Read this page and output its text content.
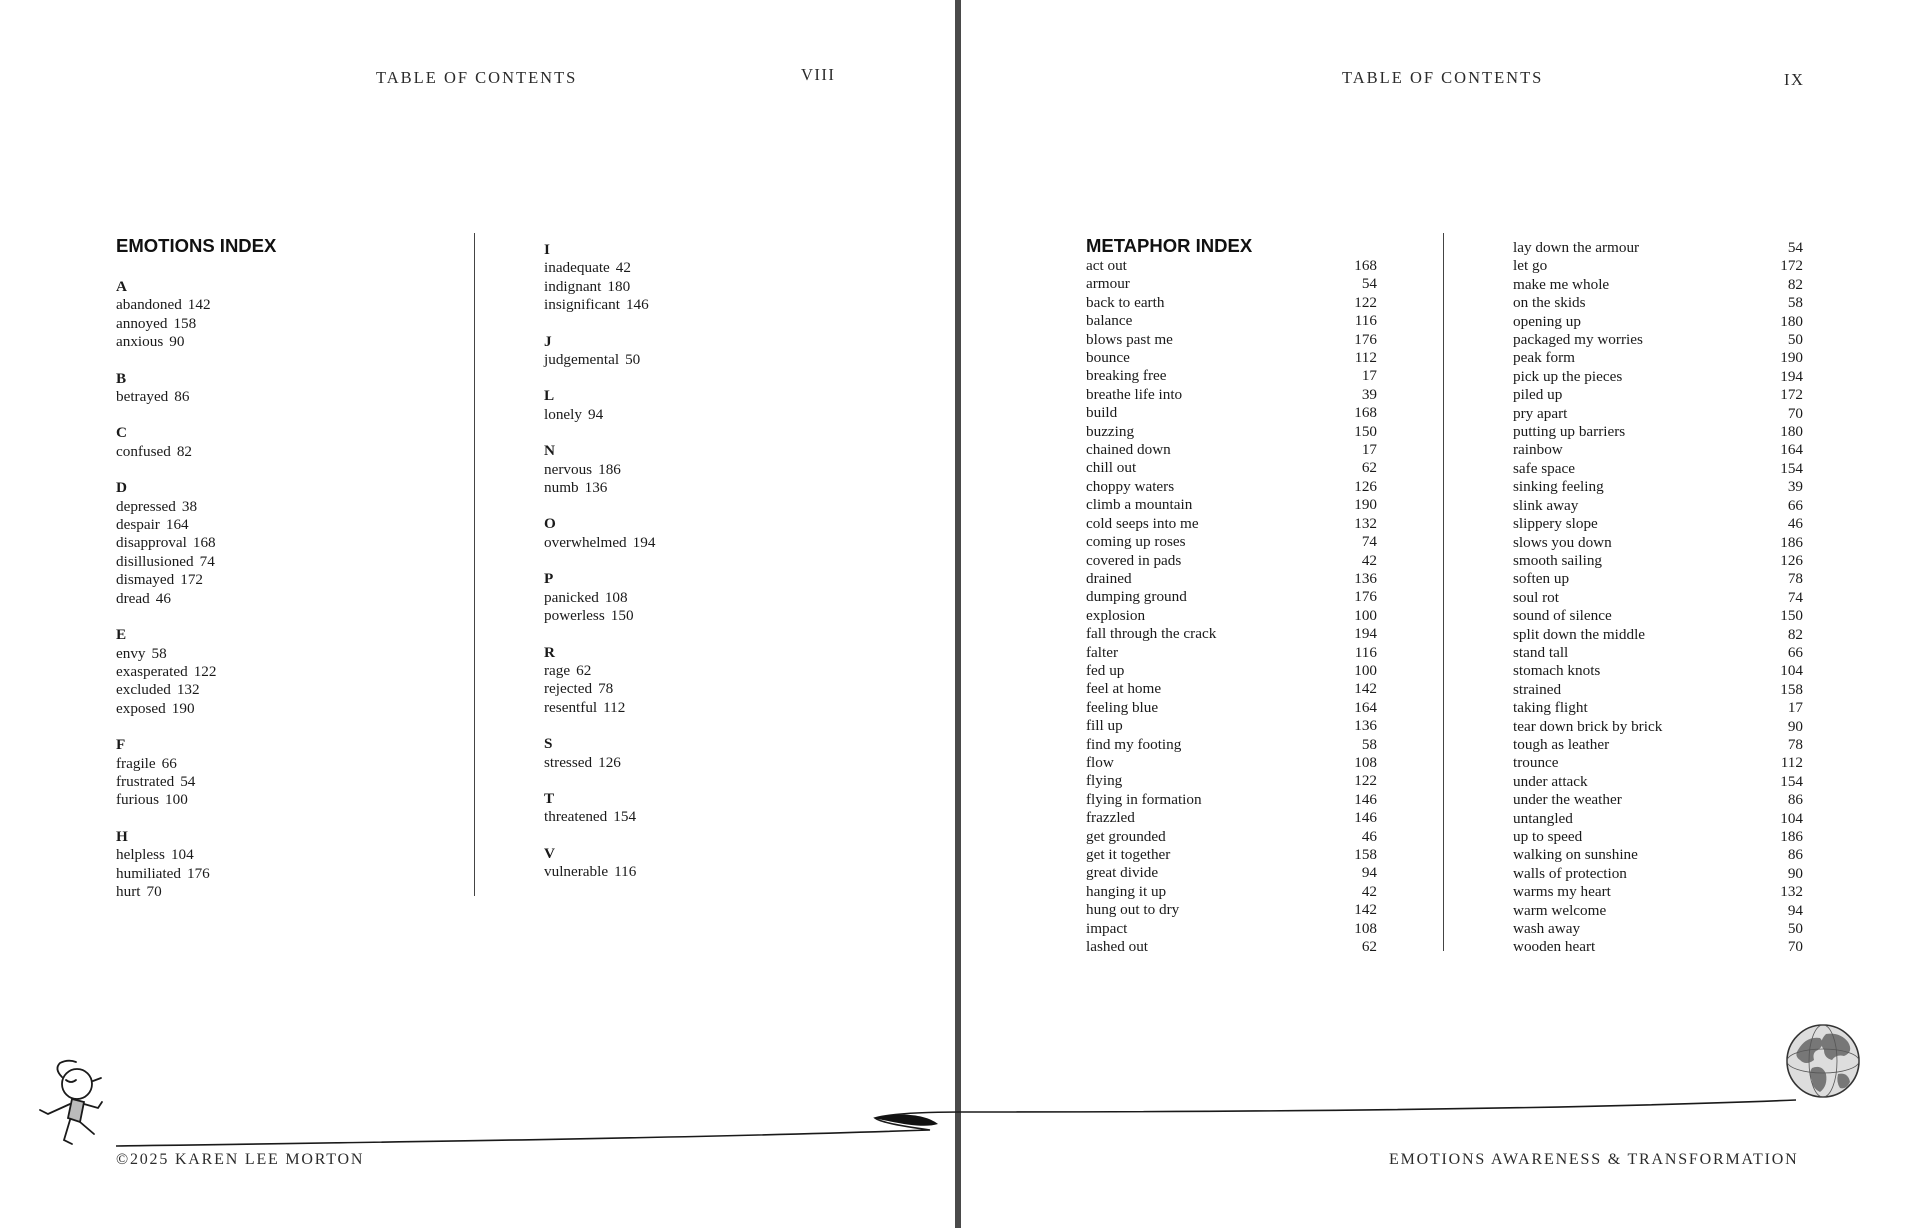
TABLE OF CONTENTS	VIII
EMOTIONS INDEX
A
abandoned 142
annoyed 158
anxious 90
B
betrayed 86
C
confused 82
D
depressed 38
despair 164
disapproval 168
disillusioned 74
dismayed 172
dread 46
E
envy 58
exasperated 122
excluded 132
exposed 190
F
fragile 66
frustrated 54
furious 100
H
helpless 104
humiliated 176
hurt 70
I
inadequate 42
indignant 180
insignificant 146
J
judgemental 50
L
lonely 94
N
nervous 186
numb 136
O
overwhelmed 194
P
panicked 108
powerless 150
R
rage 62
rejected 78
resentful 112
S
stressed 126
T
threatened 154
V
vulnerable 116
©2025 KAREN LEE MORTON
TABLE OF CONTENTS	IX
METAPHOR INDEX
act out	168
armour	54
back to earth	122
balance	116
blows past me	176
bounce	112
breaking free	17
breathe life into	39
build	168
buzzing	150
chained down	17
chill out	62
choppy waters	126
climb a mountain	190
cold seeps into me	132
coming up roses	74
covered in pads	42
drained	136
dumping ground	176
explosion	100
fall through the crack	194
falter	116
fed up	100
feel at home	142
feeling blue	164
fill up	136
find my footing	58
flow	108
flying	122
flying in formation	146
frazzled	146
get grounded	46
get it together	158
great divide	94
hanging it up	42
hung out to dry	142
impact	108
lashed out	62
lay down the armour	54
let go	172
make me whole	82
on the skids	58
opening up	180
packaged my worries	50
peak form	190
pick up the pieces	194
piled up	172
pry apart	70
putting up barriers	180
rainbow	164
safe space	154
sinking feeling	39
slink away	66
slippery slope	46
slows you down	186
smooth sailing	126
soften up	78
soul rot	74
sound of silence	150
split down the middle	82
stand tall	66
stomach knots	104
strained	158
taking flight	17
tear down brick by brick	90
tough as leather	78
trounce	112
under attack	154
under the weather	86
untangled	104
up to speed	186
walking on sunshine	86
walls of protection	90
warms my heart	132
warm welcome	94
wash away	50
wooden heart	70
EMOTIONS AWARENESS & TRANSFORMATION
